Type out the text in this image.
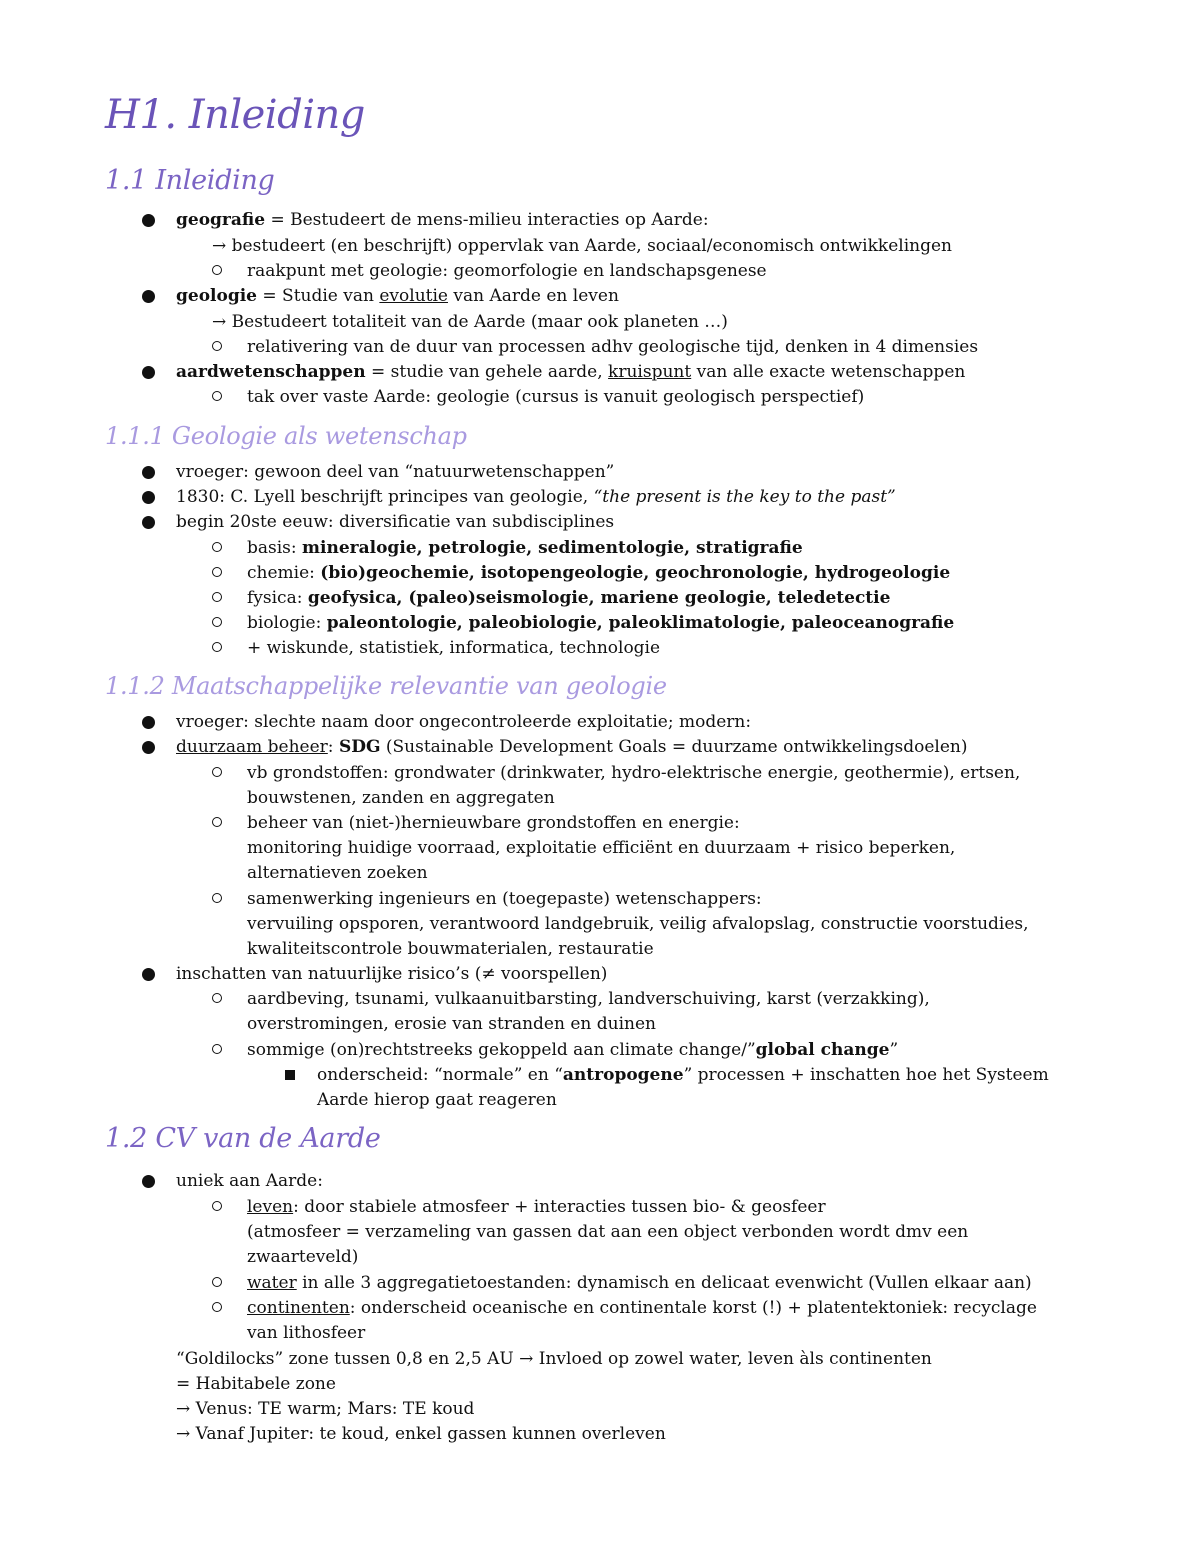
H1. Inleiding
1.1 Inleiding
geografie = Bestudeert de mens-milieu interacties op Aarde:
→ bestudeert (en beschrijft) oppervlak van Aarde, sociaal/economisch ontwikkelingen
raakpunt met geologie: geomorfologie en landschapsgenese
geologie = Studie van evolutie van Aarde en leven
→ Bestudeert totaliteit van de Aarde (maar ook planeten …)
relativering van de duur van processen adhv geologische tijd, denken in 4 dimensies
aardwetenschappen = studie van gehele aarde, kruispunt van alle exacte wetenschappen
tak over vaste Aarde: geologie (cursus is vanuit geologisch perspectief)
1.1.1 Geologie als wetenschap
vroeger: gewoon deel van “natuurwetenschappen”
1830: C. Lyell beschrijft principes van geologie, “the present is the key to the past”
begin 20ste eeuw: diversificatie van subdisciplines
basis: mineralogie, petrologie, sedimentologie, stratigrafie
chemie: (bio)geochemie, isotopengeologie, geochronologie, hydrogeologie
fysica: geofysica, (paleo)seismologie, mariene geologie, teledetectie
biologie: paleontologie, paleobiologie, paleoklimatologie, paleoceanografie
+ wiskunde, statistiek, informatica, technologie
1.1.2 Maatschappelijke relevantie van geologie
vroeger: slechte naam door ongecontroleerde exploitatie; modern:
duurzaam beheer: SDG (Sustainable Development Goals = duurzame ontwikkelingsdoelen)
vb grondstoffen: grondwater (drinkwater, hydro-elektrische energie, geothermie), ertsen,
bouwstenen, zanden en aggregaten
beheer van (niet-)hernieuwbare grondstoffen en energie:
monitoring huidige voorraad, exploitatie efficiënt en duurzaam + risico beperken,
alternatieven zoeken
samenwerking ingenieurs en (toegepaste) wetenschappers:
vervuiling opsporen, verantwoord landgebruik, veilig afvalopslag, constructie voorstudies,
kwaliteitscontrole bouwmaterialen, restauratie
inschatten van natuurlijke risico’s (≠ voorspellen)
aardbeving, tsunami, vulkaanuitbarsting, landverschuiving, karst (verzakking),
overstromingen, erosie van stranden en duinen
sommige (on)rechtstreeks gekoppeld aan climate change/”global change”
onderscheid: “normale” en “antropogene” processen + inschatten hoe het Systeem
Aarde hierop gaat reageren
1.2 CV van de Aarde
uniek aan Aarde:
leven: door stabiele atmosfeer + interacties tussen bio- & geosfeer
(atmosfeer = verzameling van gassen dat aan een object verbonden wordt dmv een
zwaarteveld)
water in alle 3 aggregatietoestanden: dynamisch en delicaat evenwicht (Vullen elkaar aan)
continenten: onderscheid oceanische en continentale korst (!) + platentektoniek: recyclage
van lithosfeer
“Goldilocks” zone tussen 0,8 en 2,5 AU → Invloed op zowel water, leven àls continenten
= Habitabele zone
→ Venus: TE warm; Mars: TE koud
→ Vanaf Jupiter: te koud, enkel gassen kunnen overleven
